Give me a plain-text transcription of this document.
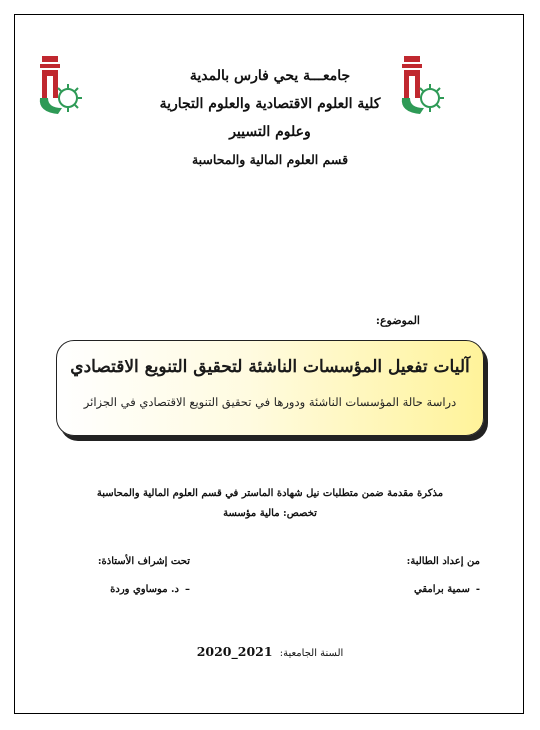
جامعـــة يحي فارس بالمدية
كلية العلوم الاقتصادية والعلوم التجارية
وعلوم التسيير
قسم العلوم المالية والمحاسبة
الموضوع:
آليات تفعيل المؤسسات الناشئة لتحقيق التنويع الاقتصادي
دراسة حالة المؤسسات الناشئة ودورها في تحقيق التنويع الاقتصادي في الجزائر
مذكرة مقدمة ضمن متطلبات نيل شهادة الماستر في قسم العلوم المالية والمحاسبة
تخصص: مالية مؤسسة
من إعداد الطالبة:
-
سمية برامقي
تحت إشراف الأستاذة:
–
د. موساوي وردة
السنة الجامعية: 2021_2020
